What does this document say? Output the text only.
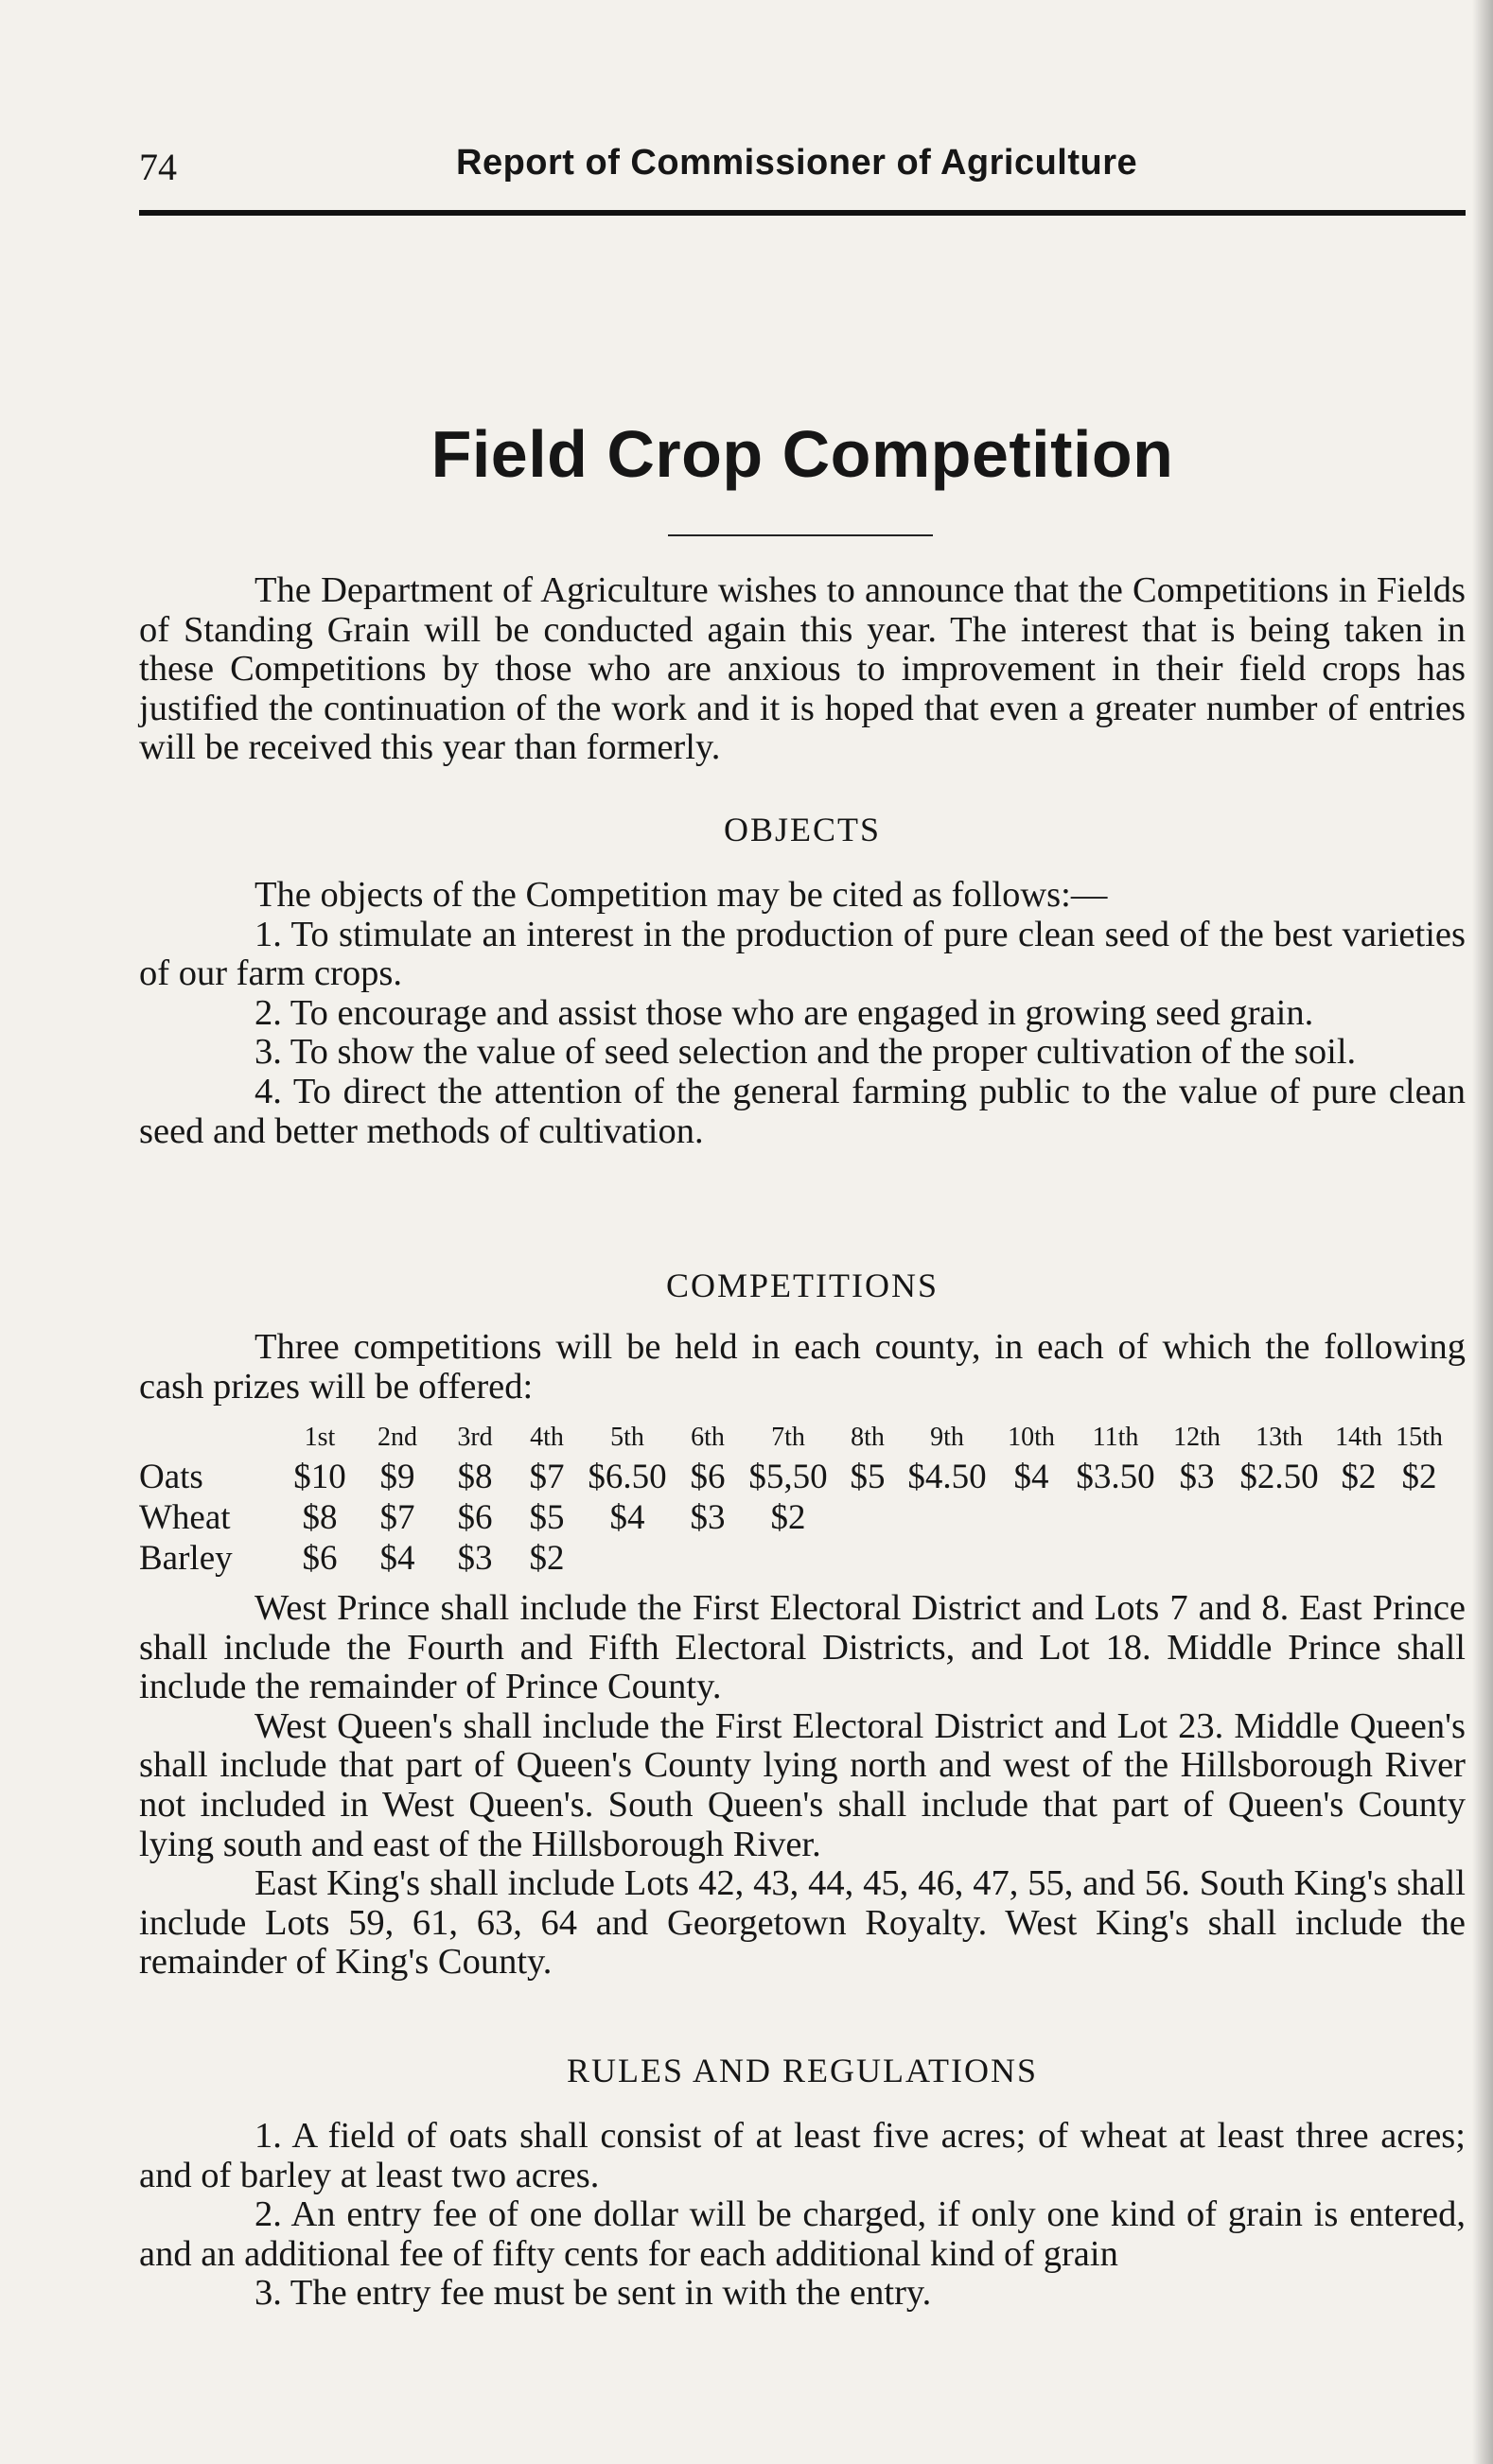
74	Report of Commissioner of Agriculture
Field Crop Competition

The Department of Agriculture wishes to announce that the Competitions in Fields of Standing Grain will be conducted again this year. The interest that is being taken in these Competitions by those who are anxious to improvement in their field crops has justified the continuation of the work and it is hoped that even a greater number of entries will be received this year than formerly.

OBJECTS

The objects of the Competition may be cited as follows:—

1. To stimulate an interest in the production of pure clean seed of the best varieties of our farm crops.

2. To encourage and assist those who are engaged in growing seed grain.

3. To show the value of seed selection and the proper cultivation of the soil.

4. To direct the attention of the general farming public to the value of pure clean seed and better methods of cultivation.

COMPETITIONS

Three competitions will be held in each county, in each of which the following cash prizes will be offered:

	1st	2nd	3rd	4th	5th	6th	7th	8th	9th	10th	11th	12th	13th	14th	15th
Oats	$10	$9	$8	$7	$6.50	$6	$5,50	$5	$4.50	$4	$3.50	$3	$2.50	$2	$2
Wheat	$8	$7	$6	$5	$4	$3	$2								
Barley	$6	$4	$3	$2											

West Prince shall include the First Electoral District and Lots 7 and 8. East Prince shall include the Fourth and Fifth Electoral Districts, and Lot 18. Middle Prince shall include the remainder of Prince County.

West Queen's shall include the First Electoral District and Lot 23. Middle Queen's shall include that part of Queen's County lying north and west of the Hillsborough River not included in West Queen's. South Queen's shall include that part of Queen's County lying south and east of the Hillsborough River.

East King's shall include Lots 42, 43, 44, 45, 46, 47, 55, and 56. South King's shall include Lots 59, 61, 63, 64 and Georgetown Royalty. West King's shall include the remainder of King's County.

RULES AND REGULATIONS

1. A field of oats shall consist of at least five acres; of wheat at least three acres; and of barley at least two acres.

2. An entry fee of one dollar will be charged, if only one kind of grain is entered, and an additional fee of fifty cents for each additional kind of grain

3. The entry fee must be sent in with the entry.
